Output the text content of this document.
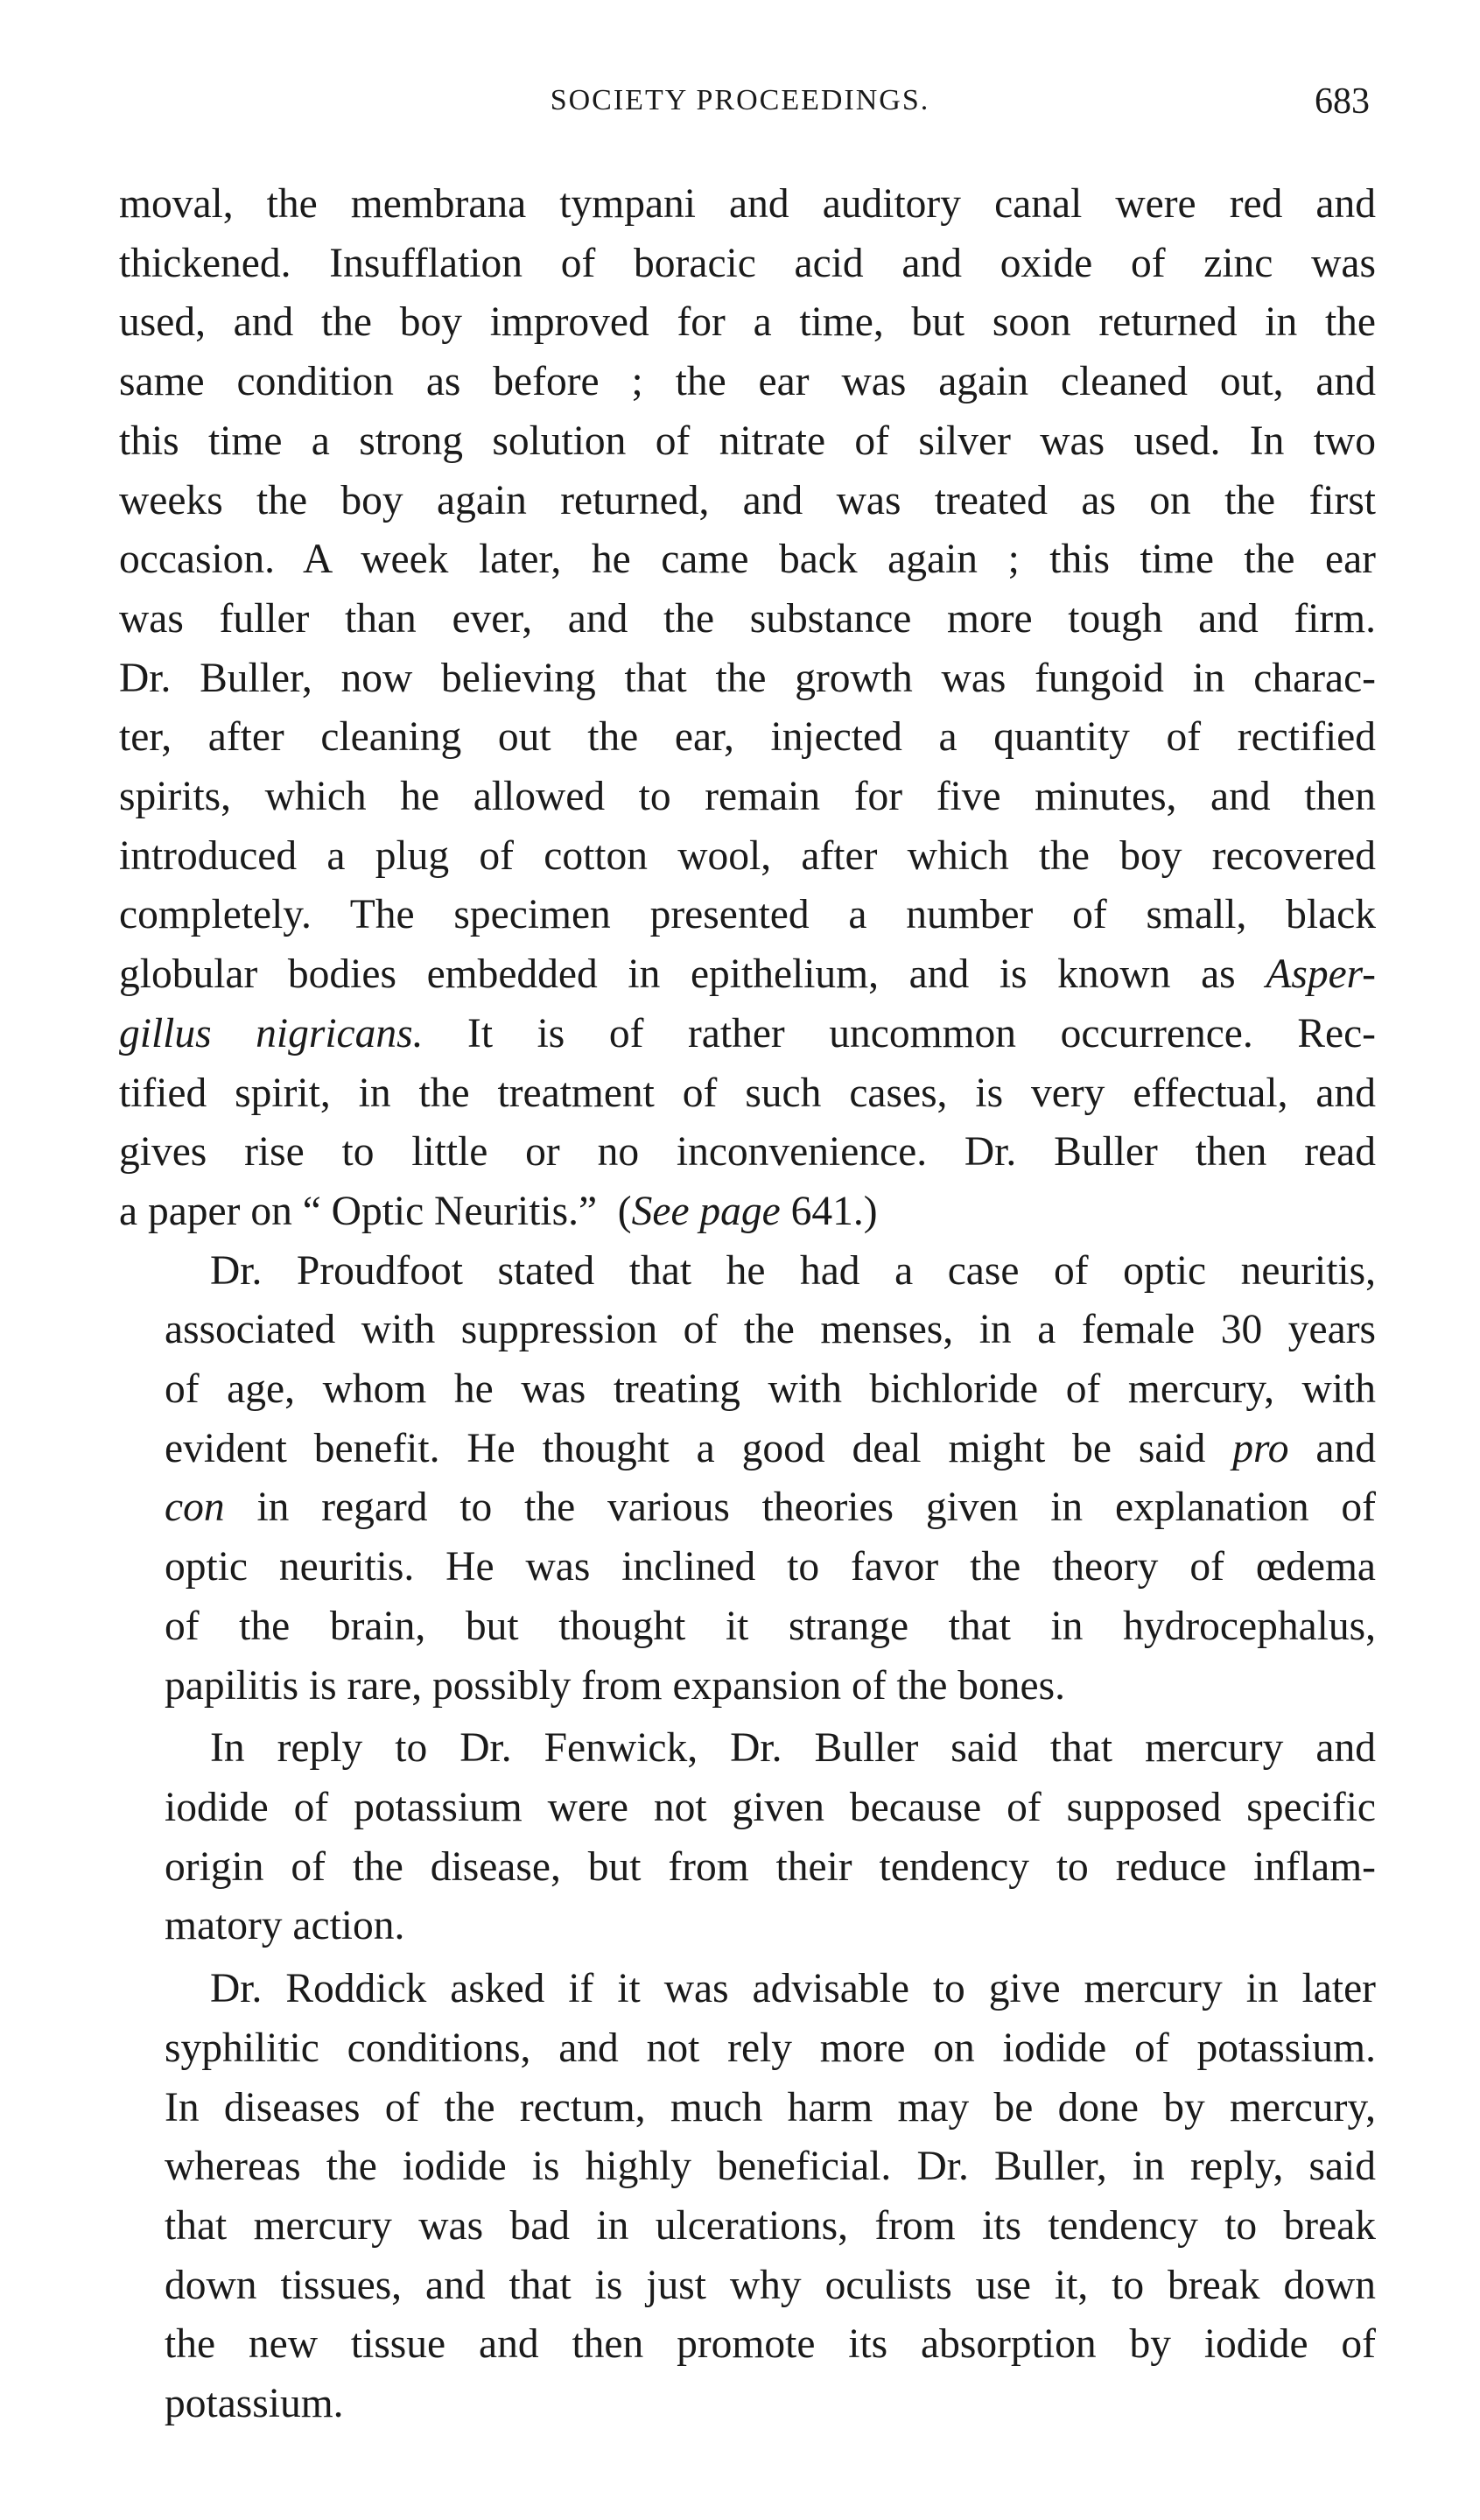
SOCIETY PROCEEDINGS.	683

moval, the membrana tympani and auditory canal were red and
thickened. Insufflation of boracic acid and oxide of zinc was
used, and the boy improved for a time, but soon returned in the
same condition as before ; the ear was again cleaned out, and
this time a strong solution of nitrate of silver was used. In two
weeks the boy again returned, and was treated as on the first
occasion. A week later, he came back again ; this time the ear
was fuller than ever, and the substance more tough and firm.
Dr. Buller, now believing that the growth was fungoid in charac-
ter, after cleaning out the ear, injected a quantity of rectified
spirits, which he allowed to remain for five minutes, and then
introduced a plug of cotton wool, after which the boy recovered
completely. The specimen presented a number of small, black
globular bodies embedded in epithelium, and is known as Asper-
gillus nigricans. It is of rather uncommon occurrence. Rec-
tified spirit, in the treatment of such cases, is very effectual, and
gives rise to little or no inconvenience. Dr. Buller then read
a paper on “ Optic Neuritis.” (See page 641.)

Dr. Proudfoot stated that he had a case of optic neuritis,
associated with suppression of the menses, in a female 30 years
of age, whom he was treating with bichloride of mercury, with
evident benefit. He thought a good deal might be said pro and
con in regard to the various theories given in explanation of
optic neuritis. He was inclined to favor the theory of œdema
of the brain, but thought it strange that in hydrocephalus,
papilitis is rare, possibly from expansion of the bones.

In reply to Dr. Fenwick, Dr. Buller said that mercury and
iodide of potassium were not given because of supposed specific
origin of the disease, but from their tendency to reduce inflam-
matory action.

Dr. Roddick asked if it was advisable to give mercury in later
syphilitic conditions, and not rely more on iodide of potassium.
In diseases of the rectum, much harm may be done by mercury,
whereas the iodide is highly beneficial. Dr. Buller, in reply, said
that mercury was bad in ulcerations, from its tendency to break
down tissues, and that is just why oculists use it, to break down
the new tissue and then promote its absorption by iodide of
potassium.
